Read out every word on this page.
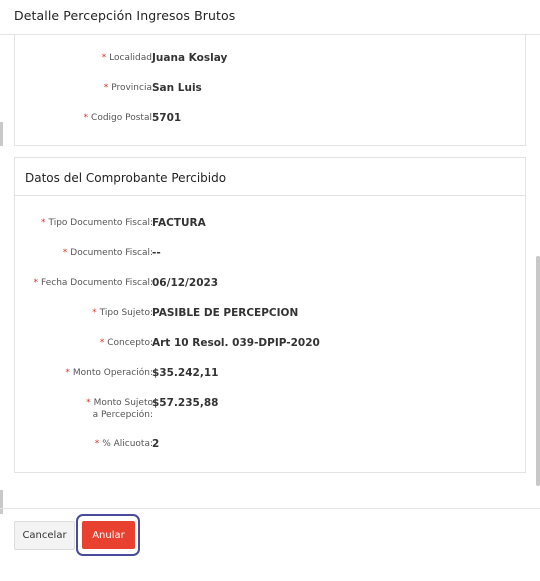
Detalle Percepción Ingresos Brutos
* Localidad:
Juana Koslay
* Provincia:
San Luis
* Codigo Postal:
5701
Datos del Comprobante Percibido
* Tipo Documento Fiscal: FACTURA
* Documento Fiscal: --
* Fecha Documento Fiscal: 06/12/2023
* Tipo Sujeto: PASIBLE DE PERCEPCION
* Concepto: Art 10 Resol. 039-DPIP-2020
* Monto Operación: $35.242,11
* Monto Sujeto
a Percepción:
$57.235,88
* % Alicuota: 2
Cancelar	Anular
